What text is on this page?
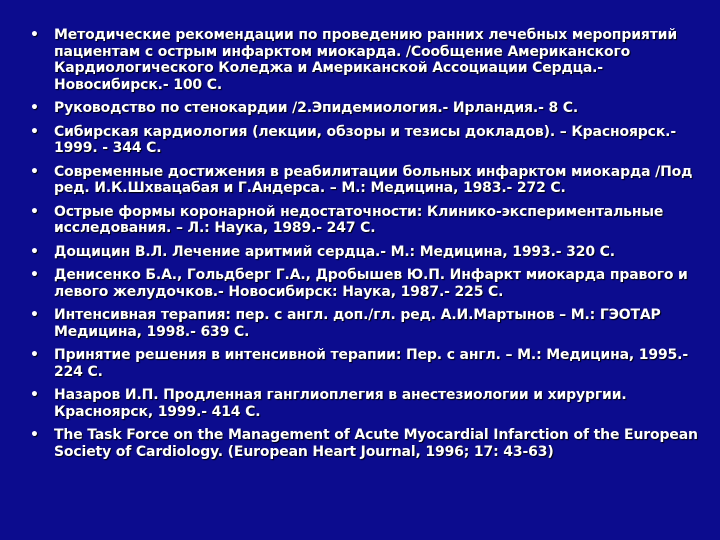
•	Методические рекомендации по проведению ранних лечебных мероприятий пациентам с острым инфарктом миокарда. /Сообщение Американского Кардиологического Коледжа и Американской Ассоциации Сердца.- Новосибирск.- 100 С.
•	Руководство по стенокардии /2.Эпидемиология.- Ирландия.- 8 С.
•	Сибирская кардиология (лекции, обзоры и тезисы докладов). – Красноярск.- 1999. - 344 С.
•	Современные достижения в реабилитации больных инфарктом миокарда /Под ред. И.К.Шхвацабая и Г.Андерса. – М.: Медицина, 1983.- 272 С.
•	Острые формы коронарной недостаточности: Клинико-экспериментальные исследования. – Л.: Наука, 1989.- 247 С.
•	Дощицин В.Л. Лечение аритмий сердца.- М.: Медицина, 1993.- 320 С.
•	Денисенко Б.А., Гольдберг Г.А., Дробышев Ю.П. Инфаркт миокарда правого и левого желудочков.- Новосибирск: Наука, 1987.- 225 С.
•	Интенсивная терапия: пер. с англ. доп./гл. ред. А.И.Мартынов – М.: ГЭОТАР Медицина, 1998.- 639 С.
•	Принятие решения в интенсивной терапии: Пер. с англ. – М.: Медицина, 1995.- 224 С.
•	Назаров И.П. Продленная ганглиоплегия в анестезиологии и хирургии. Красноярск, 1999.- 414 С.
•	The Task Force on the Management of Acute Myocardial Infarction of the European Society of Cardiology. (European Heart Journal, 1996; 17: 43-63)
